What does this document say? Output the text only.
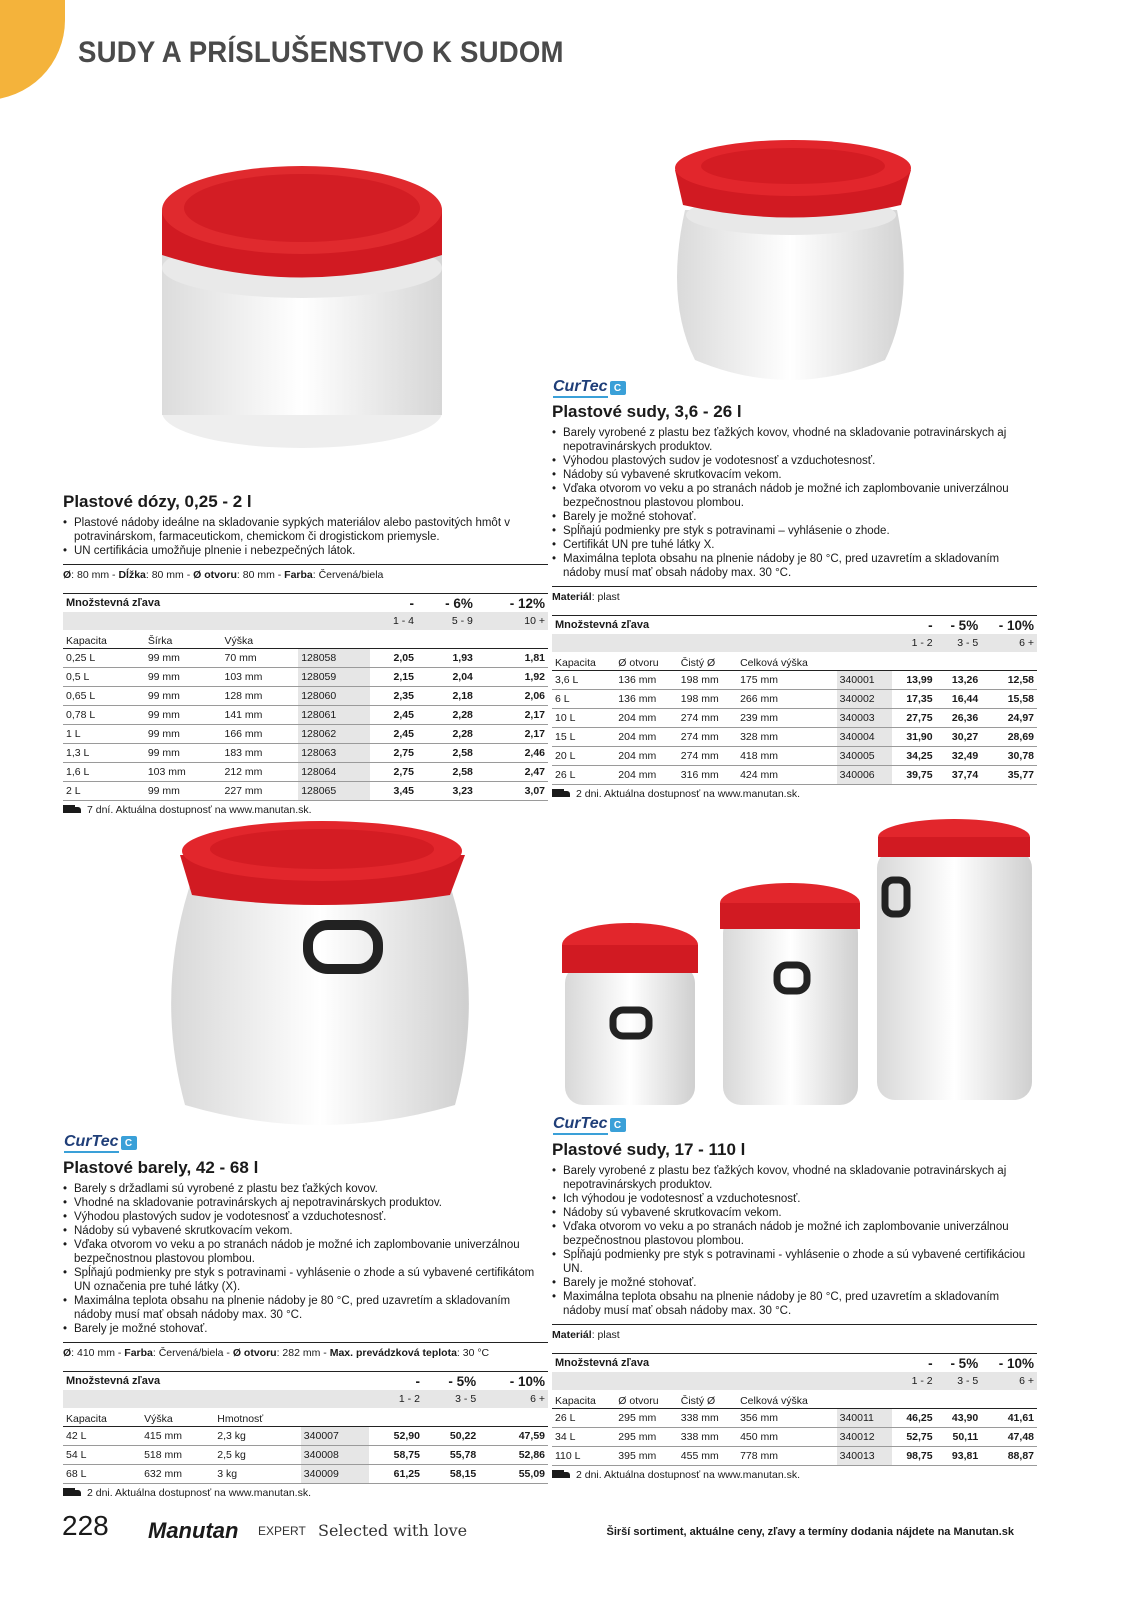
SUDY A PRÍSLUŠENSTVO K SUDOM
CurTec C
CurTec C
CurTec C
Plastové dózy, 0,25 - 2 l
• Plastové nádoby ideálne na skladovanie sypkých materiálov alebo pastovitých hmôt v potravinárskom, farmaceutickom, chemickom či drogistickom priemysle.
• UN certifikácia umožňuje plnenie i nebezpečných látok.
Ø: 80 mm - Dĺžka: 80 mm - Ø otvoru: 80 mm - Farba: Červená/biela
Množstevná zľava				-	- 6%	- 12%
				1 - 4	5 - 9	10 +
Kapacita	Šírka	Výška				
0,25 L	99 mm	70 mm	128058	2,05	1,93	1,81
0,5 L	99 mm	103 mm	128059	2,15	2,04	1,92
0,65 L	99 mm	128 mm	128060	2,35	2,18	2,06
0,78 L	99 mm	141 mm	128061	2,45	2,28	2,17
1 L	99 mm	166 mm	128062	2,45	2,28	2,17
1,3 L	99 mm	183 mm	128063	2,75	2,58	2,46
1,6 L	103 mm	212 mm	128064	2,75	2,58	2,47
2 L	99 mm	227 mm	128065	3,45	3,23	3,07
7 dní. Aktuálna dostupnosť na www.manutan.sk.
Plastové sudy, 3,6 - 26 l
• Barely vyrobené z plastu bez ťažkých kovov, vhodné na skladovanie potravinárskych aj nepotravinárskych produktov.
• Výhodou plastových sudov je vodotesnosť a vzduchotesnosť.
• Nádoby sú vybavené skrutkovacím vekom.
• Vďaka otvorom vo veku a po stranách nádob je možné ich zaplombovanie univerzálnou bezpečnostnou plastovou plombou.
• Barely je možné stohovať.
• Spĺňajú podmienky pre styk s potravinami – vyhlásenie o zhode.
• Certifikát UN pre tuhé látky X.
• Maximálna teplota obsahu na plnenie nádoby je 80 °C, pred uzavretím a skladovaním nádoby musí mať obsah nádoby max. 30 °C.
Materiál: plast
Množstevná zľava					-	- 5%	- 10%
					1 - 2	3 - 5	6 +
Kapacita	Ø otvoru	Čistý Ø	Celková výška				
3,6 L	136 mm	198 mm	175 mm	340001	13,99	13,26	12,58
6 L	136 mm	198 mm	266 mm	340002	17,35	16,44	15,58
10 L	204 mm	274 mm	239 mm	340003	27,75	26,36	24,97
15 L	204 mm	274 mm	328 mm	340004	31,90	30,27	28,69
20 L	204 mm	274 mm	418 mm	340005	34,25	32,49	30,78
26 L	204 mm	316 mm	424 mm	340006	39,75	37,74	35,77
2 dni. Aktuálna dostupnosť na www.manutan.sk.
Plastové barely, 42 - 68 l
• Barely s držadlami sú vyrobené z plastu bez ťažkých kovov.
• Vhodné na skladovanie potravinárskych aj nepotravinárskych produktov.
• Výhodou plastových sudov je vodotesnosť a vzduchotesnosť.
• Nádoby sú vybavené skrutkovacím vekom.
• Vďaka otvorom vo veku a po stranách nádob je možné ich zaplombovanie univerzálnou bezpečnostnou plastovou plombou.
• Spĺňajú podmienky pre styk s potravinami - vyhlásenie o zhode a sú vybavené certifikátom UN označenia pre tuhé látky (X).
• Maximálna teplota obsahu na plnenie nádoby je 80 °C, pred uzavretím a skladovaním nádoby musí mať obsah nádoby max. 30 °C.
• Barely je možné stohovať.
Ø: 410 mm - Farba: Červená/biela - Ø otvoru: 282 mm - Max. prevádzková teplota: 30 °C
Množstevná zľava				-	- 5%	- 10%
				1 - 2	3 - 5	6 +
Kapacita	Výška	Hmotnosť				
42 L	415 mm	2,3 kg	340007	52,90	50,22	47,59
54 L	518 mm	2,5 kg	340008	58,75	55,78	52,86
68 L	632 mm	3 kg	340009	61,25	58,15	55,09
2 dni. Aktuálna dostupnosť na www.manutan.sk.
Plastové sudy, 17 - 110 l
• Barely vyrobené z plastu bez ťažkých kovov, vhodné na skladovanie potravinárskych aj nepotravinárskych produktov.
• Ich výhodou je vodotesnosť a vzduchotesnosť.
• Nádoby sú vybavené skrutkovacím vekom.
• Vďaka otvorom vo veku a po stranách nádob je možné ich zaplombovanie univerzálnou bezpečnostnou plastovou plombou.
• Spĺňajú podmienky pre styk s potravinami - vyhlásenie o zhode a sú vybavené certifikáciou UN.
• Barely je možné stohovať.
• Maximálna teplota obsahu na plnenie nádoby je 80 °C, pred uzavretím a skladovaním nádoby musí mať obsah nádoby max. 30 °C.
Materiál: plast
Množstevná zľava					-	- 5%	- 10%
					1 - 2	3 - 5	6 +
Kapacita	Ø otvoru	Čistý Ø	Celková výška				
26 L	295 mm	338 mm	356 mm	340011	46,25	43,90	41,61
34 L	295 mm	338 mm	450 mm	340012	52,75	50,11	47,48
110 L	395 mm	455 mm	778 mm	340013	98,75	93,81	88,87
2 dni. Aktuálna dostupnosť na www.manutan.sk.
228 Manutan EXPERT Selected with love	Širší sortiment, aktuálne ceny, zľavy a termíny dodania nájdete na Manutan.sk
